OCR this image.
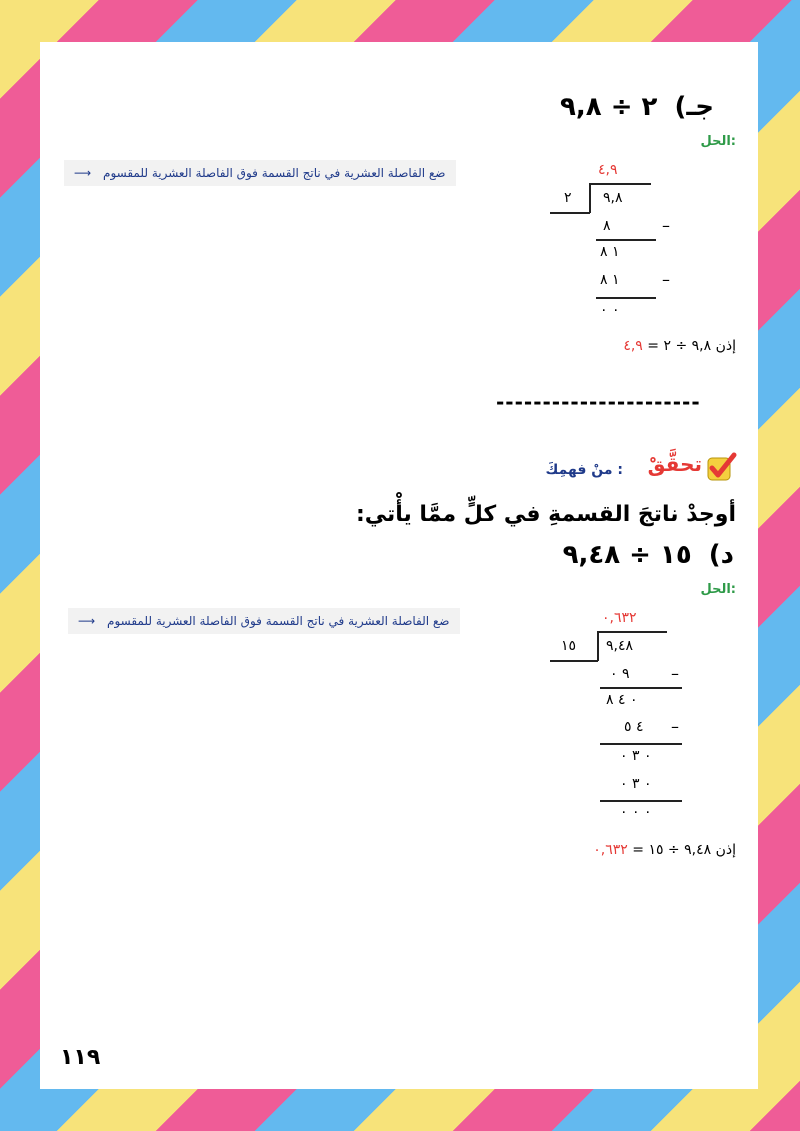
جـ) ٢ ÷ ٩,٨
الحل:
ضع الفاصلة العشرية في ناتج القسمة فوق الفاصلة العشرية للمقسوم ⟶	٤,٩
٩,٨
٢
٨	–
١ ٨
١ ٨	–
٠ ٠
إذن ٩,٨ ÷ ٢ = ٤,٩
----------------------
تحقَّقْ
منْ فهمِكَ :
أوجدْ ناتجَ القسمةِ في كلٍّ ممَّا يأْتي:
د) ١٥ ÷ ٩,٤٨
الحل:
ضع الفاصلة العشرية في ناتج القسمة فوق الفاصلة العشرية للمقسوم ⟶	٠,٦٣٢
٩,٤٨
١٥
٩ ٠	–
٠ ٤ ٨
٤ ٥ –
٠ ٣ ٠
٠ ٣ ٠
٠ ٠ ٠
إذن ٩,٤٨ ÷ ١٥ = ٠,٦٣٢
١١٩
